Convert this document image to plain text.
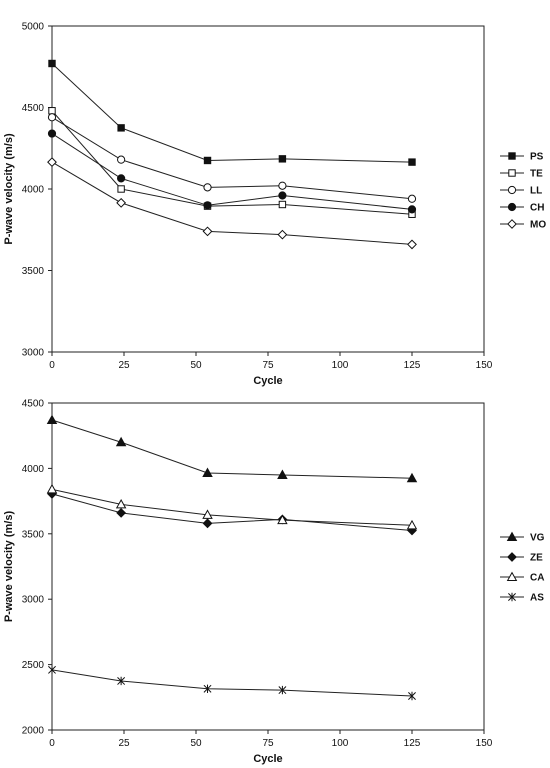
0	25	50	75	100	125	150
3000
3500
4000
4500
5000
Cycle
P-wave velocity (m/s)	PS
TE
LL
CH
MO
0	25	50	75	100	125	150
2000
2500
3000
3500
4000
4500
Cycle
P-wave velocity (m/s)	VG
ZE
CA
AS
